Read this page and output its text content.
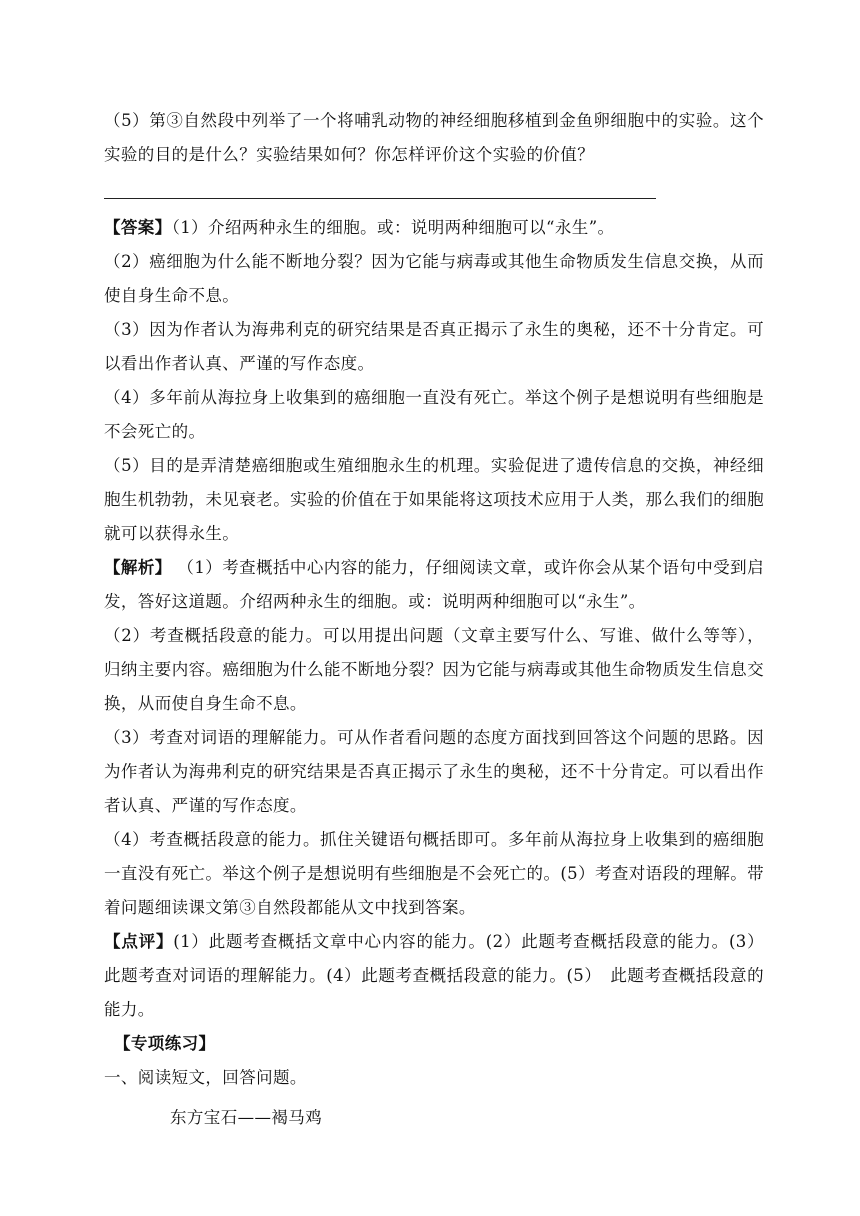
（5）第③自然段中列举了一个将哺乳动物的神经细胞移植到金鱼卵细胞中的实验。这个实验的目的是什么？实验结果如何？你怎样评价这个实验的价值？

【答案】（1）介绍两种永生的细胞。或：说明两种细胞可以“永生”。

（2）癌细胞为什么能不断地分裂？因为它能与病毒或其他生命物质发生信息交换，从而使自身生命不息。

（3）因为作者认为海弗利克的研究结果是否真正揭示了永生的奥秘，还不十分肯定。可以看出作者认真、严谨的写作态度。

（4）多年前从海拉身上收集到的癌细胞一直没有死亡。举这个例子是想说明有些细胞是不会死亡的。

（5）目的是弄清楚癌细胞或生殖细胞永生的机理。实验促进了遗传信息的交换，神经细胞生机勃勃，未见衰老。实验的价值在于如果能将这项技术应用于人类，那么我们的细胞就可以获得永生。

【解析】 （1）考查概括中心内容的能力，仔细阅读文章，或许你会从某个语句中受到启发，答好这道题。介绍两种永生的细胞。或：说明两种细胞可以“永生”。

（2）考查概括段意的能力。可以用提出问题（文章主要写什么、写谁、做什么等等），归纳主要内容。癌细胞为什么能不断地分裂？因为它能与病毒或其他生命物质发生信息交换，从而使自身生命不息。

（3）考查对词语的理解能力。可从作者看问题的态度方面找到回答这个问题的思路。因为作者认为海弗利克的研究结果是否真正揭示了永生的奥秘，还不十分肯定。可以看出作者认真、严谨的写作态度。

（4）考查概括段意的能力。抓住关键语句概括即可。多年前从海拉身上收集到的癌细胞一直没有死亡。举这个例子是想说明有些细胞是不会死亡的。(5）考查对语段的理解。带着问题细读课文第③自然段都能从文中找到答案。

【点评】(1）此题考查概括文章中心内容的能力。(2）此题考查概括段意的能力。(3）此题考查对词语的理解能力。(4）此题考查概括段意的能力。(5）　此题考查概括段意的能力。

【专项练习】

一、阅读短文，回答问题。

东方宝石——褐马鸡
